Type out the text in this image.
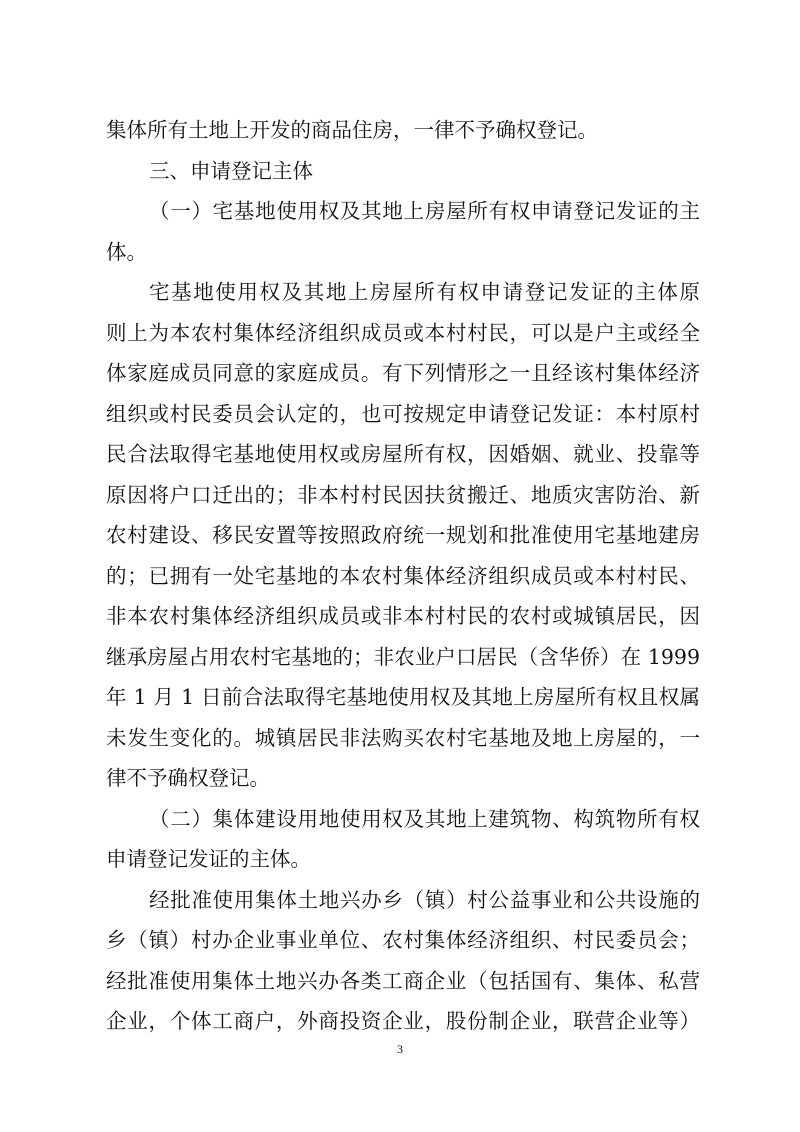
集体所有土地上开发的商品住房，一律不予确权登记。
三、申请登记主体
（一）宅基地使用权及其地上房屋所有权申请登记发证的主
体。
宅基地使用权及其地上房屋所有权申请登记发证的主体原
则上为本农村集体经济组织成员或本村村民，可以是户主或经全
体家庭成员同意的家庭成员。有下列情形之一且经该村集体经济
组织或村民委员会认定的，也可按规定申请登记发证：本村原村
民合法取得宅基地使用权或房屋所有权，因婚姻、就业、投靠等
原因将户口迁出的；非本村村民因扶贫搬迁、地质灾害防治、新
农村建设、移民安置等按照政府统一规划和批准使用宅基地建房
的；已拥有一处宅基地的本农村集体经济组织成员或本村村民、
非本农村集体经济组织成员或非本村村民的农村或城镇居民，因
继承房屋占用农村宅基地的；非农业户口居民（含华侨）在 1999
年 1 月 1 日前合法取得宅基地使用权及其地上房屋所有权且权属
未发生变化的。城镇居民非法购买农村宅基地及地上房屋的，一
律不予确权登记。
（二）集体建设用地使用权及其地上建筑物、构筑物所有权
申请登记发证的主体。
经批准使用集体土地兴办乡（镇）村公益事业和公共设施的
乡（镇）村办企业事业单位、农村集体经济组织、村民委员会；
经批准使用集体土地兴办各类工商企业（包括国有、集体、私营
企业，个体工商户，外商投资企业，股份制企业，联营企业等）
3
